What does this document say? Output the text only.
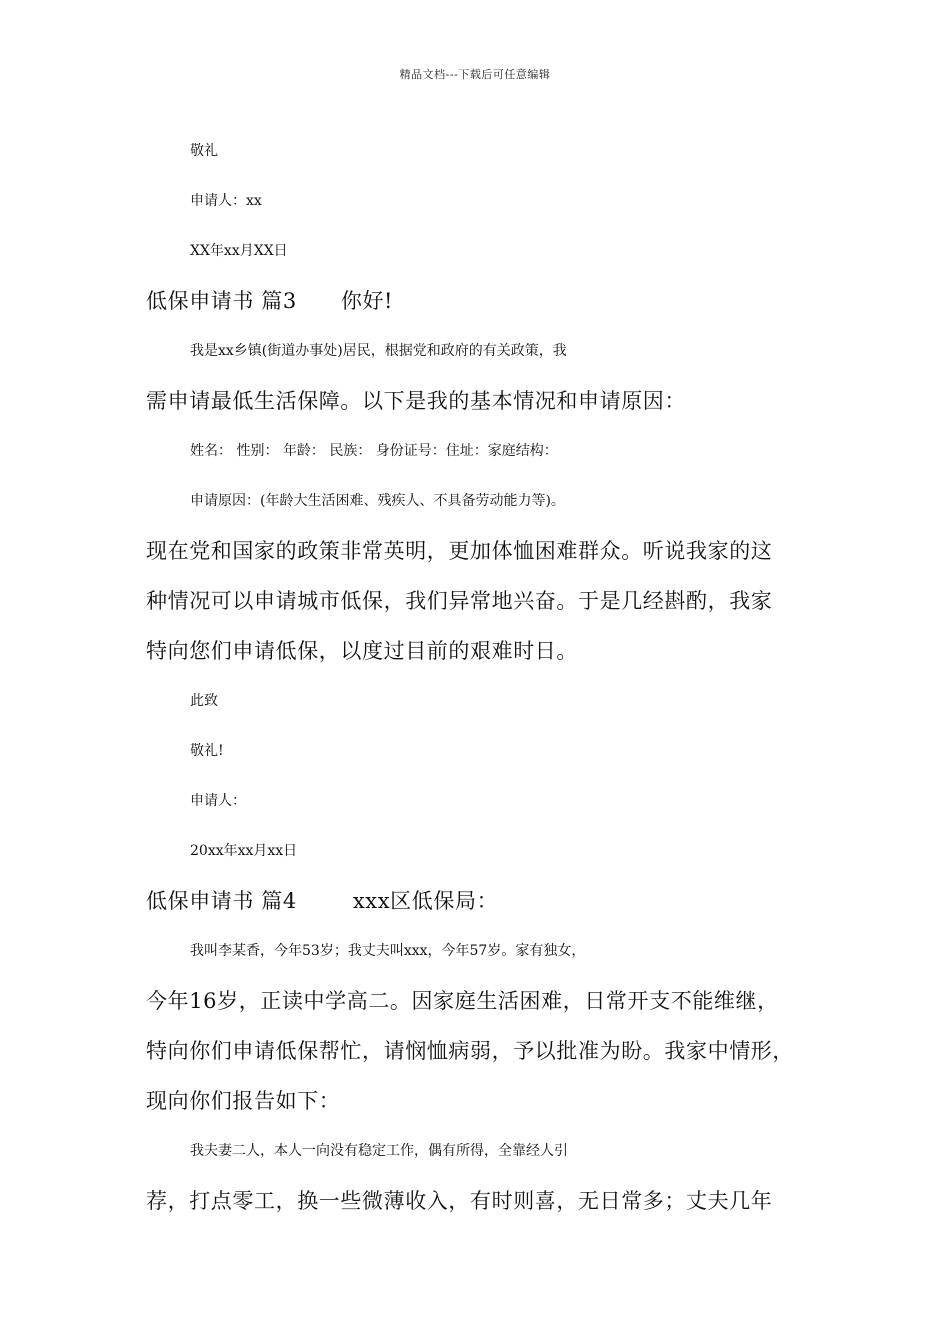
精品文档---下载后可任意编辑
敬礼
申请人：xx
XX年xx月XX日
低保申请书 篇3 你好!
我是xx乡镇(街道办事处)居民，根据党和政府的有关政策，我
需申请最低生活保障。以下是我的基本情况和申请原因：
姓名： 性别： 年龄： 民族： 身份证号：住址：家庭结构：
申请原因：(年龄大生活困难、残疾人、不具备劳动能力等)。
现在党和国家的政策非常英明，更加体恤困难群众。听说我家的这
种情况可以申请城市低保，我们异常地兴奋。于是几经斟酌，我家
特向您们申请低保，以度过目前的艰难时日。
此致
敬礼!
申请人：
20xx年xx月xx日
低保申请书 篇4	xxx区低保局：
我叫李某香，今年53岁；我丈夫叫xxx，今年57岁。家有独女，
今年16岁，正读中学高二。因家庭生活困难，日常开支不能维继，
特向你们申请低保帮忙，请悯恤病弱，予以批准为盼。我家中情形，
现向你们报告如下：
我夫妻二人，本人一向没有稳定工作，偶有所得，全靠经人引
荐，打点零工，换一些微薄收入，有时则喜，无日常多；丈夫几年
